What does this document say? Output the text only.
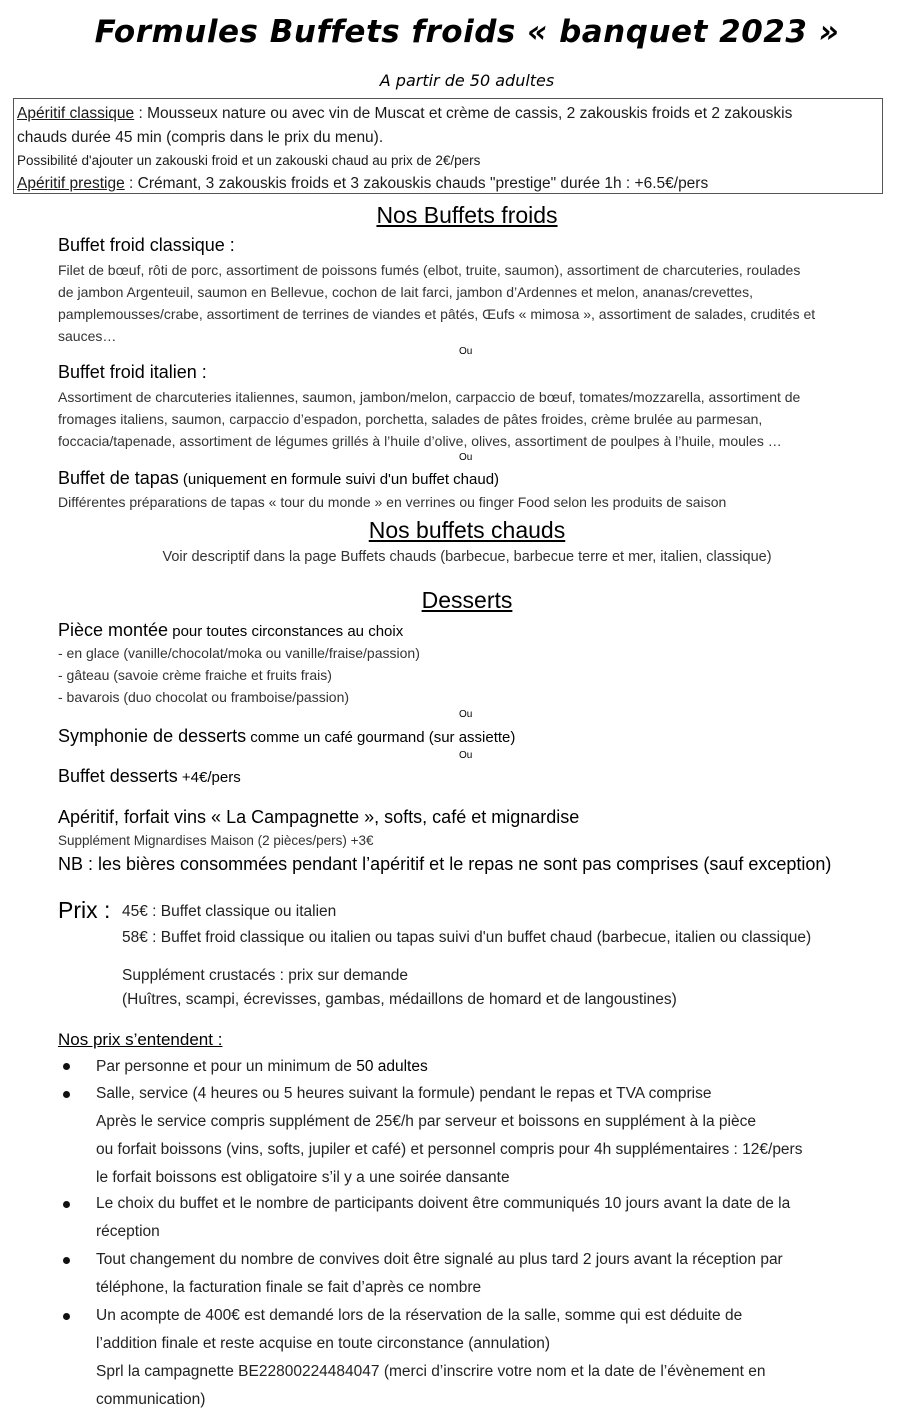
Formules Buffets froids « banquet 2023 »
A partir de 50 adultes
Apéritif classique : Mousseux nature ou avec vin de Muscat et crème de cassis, 2 zakouskis froids et 2 zakouskis
chauds durée 45 min (compris dans le prix du menu).
Possibilité d'ajouter un zakouski froid et un zakouski chaud au prix de 2€/pers
Apéritif prestige : Crémant, 3 zakouskis froids et 3 zakouskis chauds "prestige" durée 1h : +6.5€/pers
Nos Buffets froids
Buffet froid classique :
Filet de bœuf, rôti de porc, assortiment de poissons fumés (elbot, truite, saumon), assortiment de charcuteries, roulades
de jambon Argenteuil, saumon en Bellevue, cochon de lait farci, jambon d’Ardennes et melon, ananas/crevettes,
pamplemousses/crabe, assortiment de terrines de viandes et pâtés, Œufs « mimosa », assortiment de salades, crudités et
sauces…
Ou
Buffet froid italien :
Assortiment de charcuteries italiennes, saumon, jambon/melon, carpaccio de bœuf, tomates/mozzarella, assortiment de
fromages italiens, saumon, carpaccio d’espadon, porchetta, salades de pâtes froides, crème brulée au parmesan,
foccacia/tapenade, assortiment de légumes grillés à l’huile d’olive, olives, assortiment de poulpes à l’huile, moules …
Ou
Buffet de tapas (uniquement en formule suivi d'un buffet chaud)
Différentes préparations de tapas « tour du monde » en verrines ou finger Food selon les produits de saison
Nos buffets chauds
Voir descriptif dans la page Buffets chauds (barbecue, barbecue terre et mer, italien, classique)
Desserts
Pièce montée pour toutes circonstances au choix
- en glace (vanille/chocolat/moka ou vanille/fraise/passion)
- gâteau (savoie crème fraiche et fruits frais)
- bavarois (duo chocolat ou framboise/passion)
Ou
Symphonie de desserts comme un café gourmand (sur assiette)
Ou
Buffet desserts +4€/pers
Apéritif, forfait vins « La Campagnette », softs, café et mignardise
Supplément Mignardises Maison (2 pièces/pers) +3€
NB : les bières consommées pendant l’apéritif et le repas ne sont pas comprises (sauf exception)
Prix : 45€ : Buffet classique ou italien
58€ : Buffet froid classique ou italien ou tapas suivi d'un buffet chaud (barbecue, italien ou classique)
Supplément crustacés : prix sur demande
(Huîtres, scampi, écrevisses, gambas, médaillons de homard et de langoustines)
Nos prix s’entendent :
Par personne et pour un minimum de 50 adultes
Salle, service (4 heures ou 5 heures suivant la formule) pendant le repas et TVA comprise
Après le service compris supplément de 25€/h par serveur et boissons en supplément à la pièce
ou forfait boissons (vins, softs, jupiler et café) et personnel compris pour 4h supplémentaires : 12€/pers
le forfait boissons est obligatoire s’il y a une soirée dansante
Le choix du buffet et le nombre de participants doivent être communiqués 10 jours avant la date de la
réception
Tout changement du nombre de convives doit être signalé au plus tard 2 jours avant la réception par
téléphone, la facturation finale se fait d’après ce nombre
Un acompte de 400€ est demandé lors de la réservation de la salle, somme qui est déduite de
l’addition finale et reste acquise en toute circonstance (annulation)
Sprl la campagnette BE22800224484047 (merci d’inscrire votre nom et la date de l’évènement en
communication)
